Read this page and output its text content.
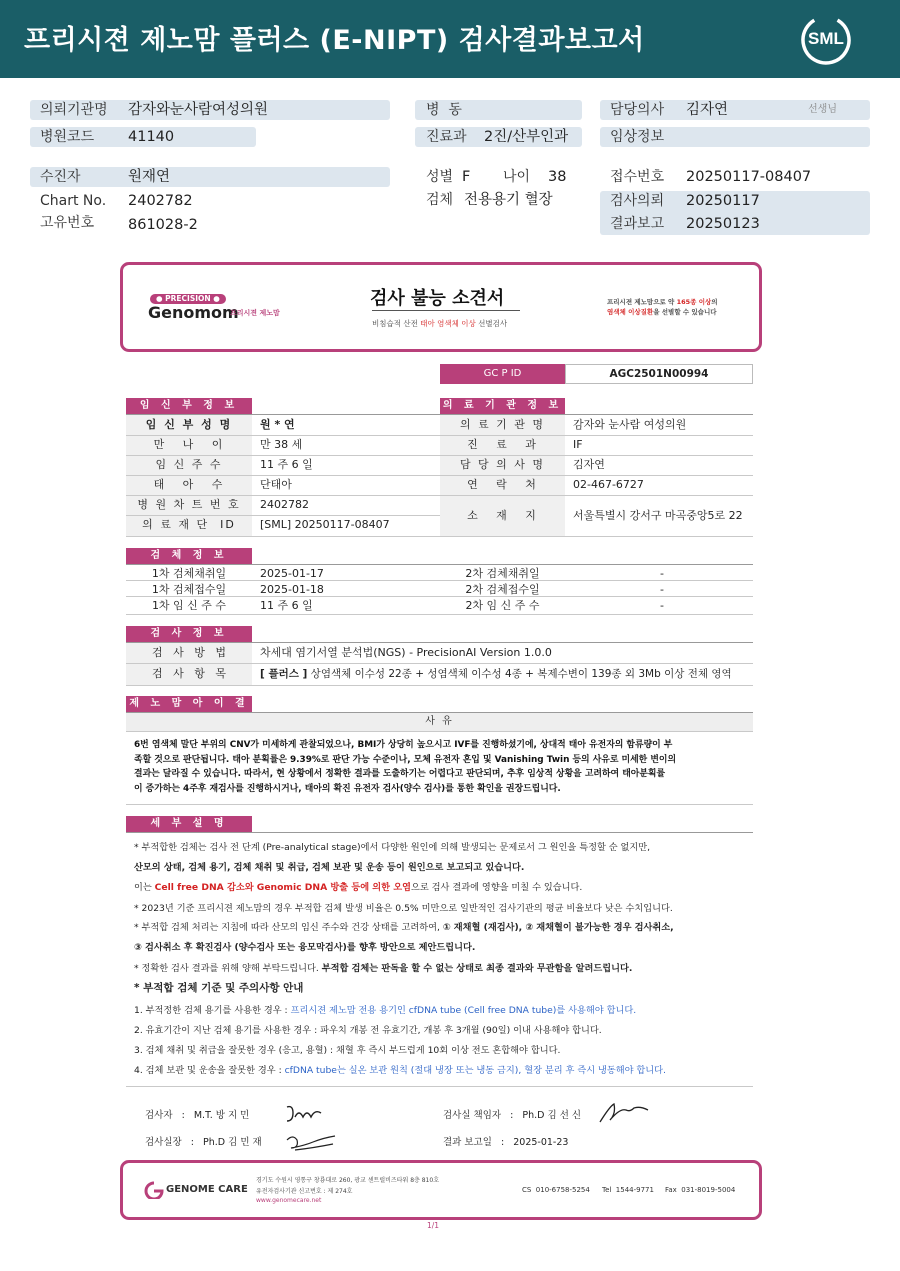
프리시젼 제노맘 플러스 (E-NIPT) 검사결과보고서	SML
의뢰기관명 감자와눈사람여성의원
병원코드 41140
병  동
진료과 2진/산부인과
담당의사 김자연	선생님
임상정보
수진자	원재연
Chart No. 2402782
고유번호 861028-2
성별 F 나이 38
검체 전용용기 혈장
접수번호 20250117-08407
검사의뢰 20250117
결과보고 20250123
● PRECISION ●
Genomom
프리시젼 제노맘
검사 불능 소견서
비침습적 산전 태아 염색체 이상 선별검사
프리시젼 제노맘으로 약 165종 이상의
염색체 이상질환을 선별할 수 있습니다
GC P ID	AGC2501N00994
임 신 부 정 보	의 료 기 관 정 보
임 신 부 성 명	원 * 연
만   나   이	만 38 세
임 신 주 수	11 주 6 일
태   아   수	단태아
병 원 차 트 번 호	2402782
의 료 재 단  ID	[SML] 20250117-08407
의 료 기 관 명	감자와 눈사람 여성의원
진   료   과	IF
담 당 의 사 명	김자연
연   락   처	02-467-6727
소   재   지	서울특별시 강서구 마곡중앙5로 22
검 체 정 보
1차 검체채취일	2025-01-17	2차 검체채취일	-
1차 검체접수일	2025-01-18	2차 검체접수일	-
1차 임 신 주 수	11 주 6 일	2차 임 신 주 수	-
검 사 정 보
검   사   방   법	차세대 염기서열 분석법(NGS) - PrecisionAI Version 1.0.0
검   사   항   목	[ 플러스 ] 상염색체 이수성 22종 + 성염색체 이수성 4종 + 복제수변이 139종 외 3Mb 이상 전체 영역
제 노 맘 아 이 결
사 유
6번 염색체 말단 부위의 CNV가 미세하게 관찰되었으나, BMI가 상당히 높으시고 IVF를 진행하셨기에, 상대적 태아 유전자의 함류량이 부
족할 것으로 판단됩니다. 태아 분획률은 9.39%로 판단 가능 수준이나, 모체 유전자 혼입 및 Vanishing Twin 등의 사유로 미세한 변이의
결과는 달라질 수 있습니다. 따라서, 현 상황에서 정확한 결과를 도출하기는 어렵다고 판단되며, 추후 임상적 상황을 고려하여 태아분획률
이 증가하는 4주후 재검사를 진행하시거나, 태아의 확진 유전자 검사(양수 검사)를 통한 확인을 권장드립니다.
세 부 설 명
* 부적합한 검체는 검사 전 단계 (Pre-analytical stage)에서 다양한 원인에 의해 발생되는 문제로서 그 원인을 특정할 순 없지만,
산모의 상태, 검체 용기, 검체 채취 및 취급, 검체 보관 및 운송 등이 원인으로 보고되고 있습니다.
이는 Cell free DNA 감소와 Genomic DNA 방출 등에 의한 오염으로 검사 결과에 영향을 미칠 수 있습니다.
* 2023년 기준 프리시젼 제노맘의 경우 부적합 검체 발생 비율은 0.5% 미만으로 일반적인 검사기관의 평균 비율보다 낮은 수치입니다.
* 부적합 검체 처리는 지침에 따라 산모의 임신 주수와 건강 상태를 고려하여, ① 재채혈 (재검사), ② 재채혈이 불가능한 경우 검사취소,
③ 검사취소 후 확진검사 (양수검사 또는 융모막검사)를 향후 방안으로 제안드립니다.
* 정확한 검사 결과를 위해 양해 부탁드립니다. 부적합 검체는 판독을 할 수 없는 상태로 최종 결과와 무관함을 알려드립니다.
* 부적합 검체 기준 및 주의사항 안내
1. 부적정한 검체 용기를 사용한 경우 : 프리시젼 제노맘 전용 용기인 cfDNA tube (Cell free DNA tube)를 사용해야 합니다.
2. 유효기간이 지난 검체 용기를 사용한 경우 : 파우치 개봉 전 유효기간, 개봉 후 3개월 (90일) 이내 사용해야 합니다.
3. 검체 채취 및 취급을 잘못한 경우 (응고, 용혈) : 채혈 후 즉시 부드럽게 10회 이상 전도 혼합해야 합니다.
4. 검체 보관 및 운송을 잘못한 경우 : cfDNA tube는 실온 보관 원칙 (절대 냉장 또는 냉동 금지), 혈장 분리 후 즉시 냉동해야 합니다.
검사자   :   M.T. 방 지 민
검사실장   :   Ph.D 김 민 재
검사실 책임자   :   Ph.D 김 선 신
결과 보고일   :   2025-01-23
GENOME CARE
경기도 수원시 영통구 창룡대로 260, 광교 센트럴비즈타워 8층 810호
유전자검사기관 신고번호 : 제 274호
www.genomecare.net
CS  010-6758-5254 Tel  1544-9771 Fax  031-8019-5004
1/1
